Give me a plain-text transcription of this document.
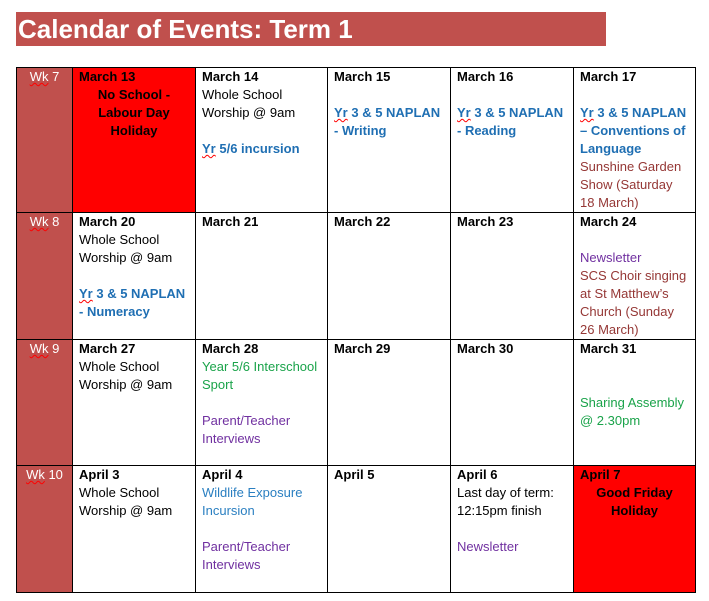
Calendar of Events: Term 1
Wk 7	March 13
No School - Labour Day Holiday	March 14
Whole School Worship @ 9am
Yr 5/6 incursion	March 15
Yr 3 & 5 NAPLAN - Writing	March 16
Yr 3 & 5 NAPLAN - Reading	March 17
Yr 3 & 5 NAPLAN – Conventions of Language
Sunshine Garden Show (Saturday 18 March)

Wk 8	March 20
Whole School Worship @ 9am
Yr 3 & 5 NAPLAN - Numeracy	March 21	March 22	March 23	March 24
Newsletter
SCS Choir singing at St Matthew’s Church (Sunday 26 March)

Wk 9	March 27
Whole School Worship @ 9am	March 28
Year 5/6 Interschool Sport
Parent/Teacher Interviews	March 29	March 30	March 31
Sharing Assembly @ 2.30pm

Wk 10	April 3
Whole School Worship @ 9am	April 4
Wildlife Exposure Incursion
Parent/Teacher Interviews	April 5	April 6
Last day of term: 12:15pm finish
Newsletter	April 7
Good Friday Holiday
